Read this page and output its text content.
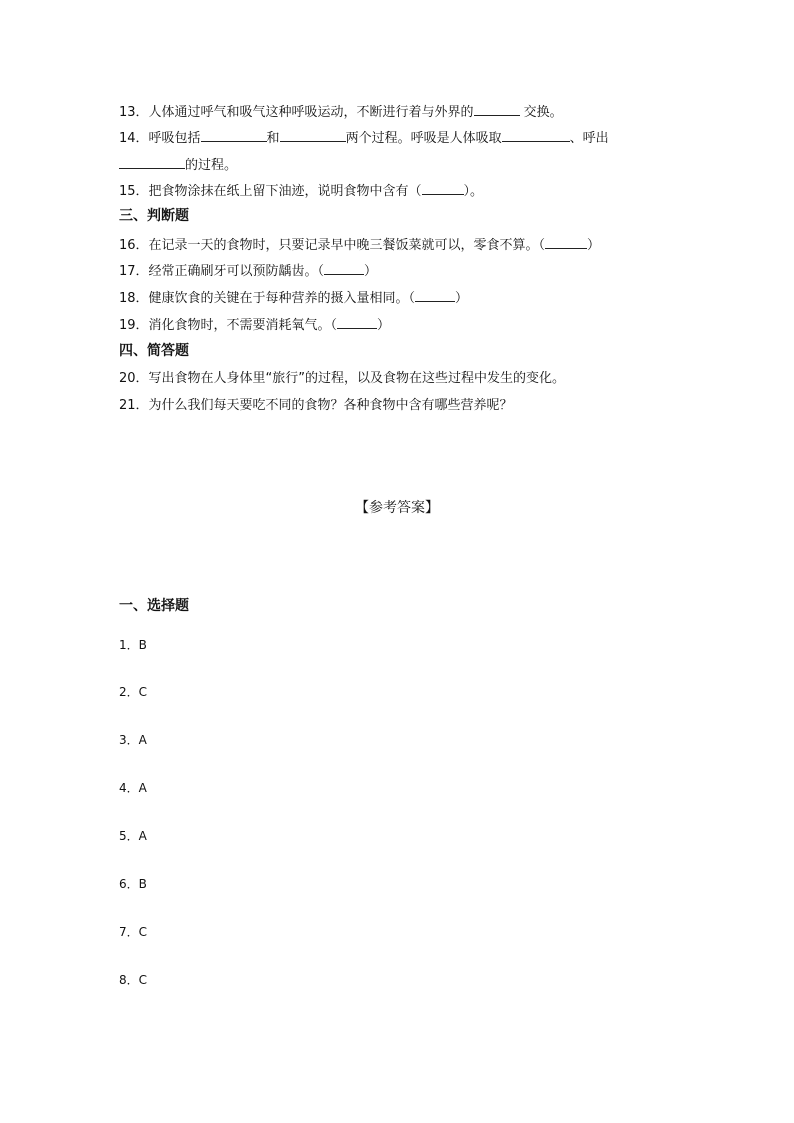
13．人体通过呼气和吸气这种呼吸运动，不断进行着与外界的	交换。
14．呼吸包括	和	两个过程。呼吸是人体吸取	、呼出
的过程。
15．把食物涂抹在纸上留下油迹，说明食物中含有（	）。
三、判断题
16．在记录一天的食物时，只要记录早中晚三餐饭菜就可以，零食不算。（	）
17．经常正确刷牙可以预防龋齿。（	）
18．健康饮食的关键在于每种营养的摄入量相同。（	）
19．消化食物时，不需要消耗氧气。（	）
四、简答题
20．写出食物在人身体里“旅行”的过程，以及食物在这些过程中发生的变化。
21．为什么我们每天要吃不同的食物？各种食物中含有哪些营养呢？
【参考答案】
一、选择题
1．B
2．C
3．A
4．A
5．A
6．B
7．C
8．C
